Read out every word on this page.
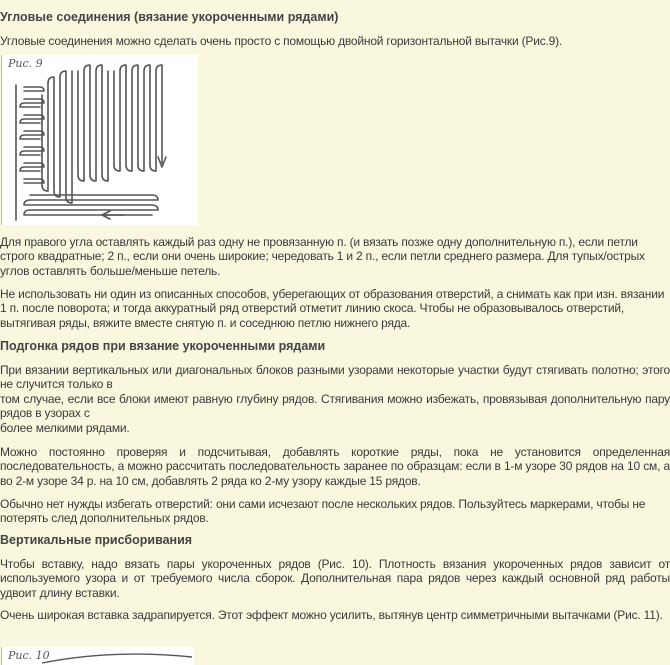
Угловые соединения (вязание укороченными рядами)

Угловые соединения можно сделать очень просто с помощью двойной горизонтальной вытачки (Рис.9).

Рис. 9

Для правого угла оставлять каждый раз одну не провязанную п. (и вязать позже одну дополнительную п.), если петли строго квадратные; 2 п., если они очень широкие; чередовать 1 и 2 п., если петли среднего размера. Для тупых/острых углов оставлять больше/меньше петель.

Не использовать ни один из описанных способов, уберегающих от образования отверстий, а снимать как при изн. вязании 1 п. после поворота; и тогда аккуратный ряд отверстий отметит линию скоса. Чтобы не образовывалось отверстий, вытягивая ряды, вяжите вместе снятую п. и соседнюю петлю нижнего ряда.

Подгонка рядов при вязание укороченными рядами

При вязании вертикальных или диагональных блоков разными узорами некоторые участки будут стягивать полотно; этого не случится только в

том случае, если все блоки имеют равную глубину рядов. Стягивания можно избежать, провязывая дополнительную пару рядов в узорах с

более мелкими рядами.

Можно постоянно проверяя и подсчитывая, добавлять короткие ряды, пока не установится определенная последовательность, а можно рассчитать последовательность заранее по образцам: если в 1-м узоре 30 рядов на 10 см, а во 2-м узоре 34 р. на 10 см, добавлять 2 ряда ко 2-му узору каждые 15 рядов.

Обычно нет нужды избегать отверстий: они сами исчезают после нескольких рядов. Пользуйтесь маркерами, чтобы не потерять след дополнительных рядов.

Вертикальные присборивания

Чтобы вставку, надо вязать пары укороченных рядов (Рис. 10). Плотность вязания укороченных рядов зависит от используемого узора и от требуемого числа сборок. Дополнительная пара рядов через каждый основной ряд работы удвоит длину вставки.

Очень широкая вставка задрапируется. Этот эффект можно усилить, вытянув центр симметричными вытачками (Рис. 11).

Рис. 10
